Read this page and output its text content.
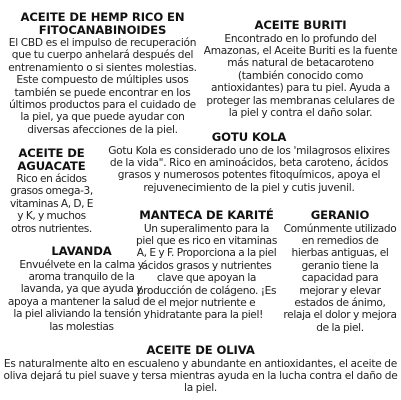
ACEITE DE HEMP RICO EN FITOCANABINOIDES
El CBD es el impulso de recuperación que tu cuerpo anhelará después del entrenamiento o si sientes molestias. Este compuesto de múltiples usos también se puede encontrar en los últimos productos para el cuidado de la piel, ya que puede ayudar con diversas afecciones de la piel.
ACEITE BURITI
Encontrado en lo profundo del Amazonas, el Aceite Buriti es la fuente más natural de betacaroteno (también conocido como antioxidantes) para tu piel. Ayuda a proteger las membranas celulares de la piel y contra el daño solar.
GOTU KOLA
Gotu Kola es considerado uno de los 'milagrosos elixires de la vida". Rico en aminoácidos, beta caroteno, ácidos grasos y numerosos potentes fitoquímicos, apoya el rejuvenecimiento de la piel y cutis juvenil.
ACEITE DE AGUACATE
Rico en ácidos grasos omega-3, vitaminas A, D, E y K, y muchos otros nutrientes.
MANTECA DE KARITÉ
Un superalimento para la piel que es rico en vitaminas A, E y F. Proporciona a la piel ácidos grasos y nutrientes clave que apoyan la producción de colágeno. ¡Es el mejor nutriente e hidratante para la piel!
GERANIO
Comúnmente utilizado en remedios de hierbas antiguas, el geranio tiene la capacidad para mejorar y elevar estados de ánimo, relaja el dolor y mejora de la piel.
LAVANDA
Envuélvete en la calma y aroma tranquilo de la lavanda, ya que ayuda y apoya a mantener la salud de la piel aliviando la tensión y las molestias
ACEITE DE OLIVA
Es naturalmente alto en escualeno y abundante en antioxidantes, el aceite de oliva dejará tu piel suave y tersa mientras ayuda en la lucha contra el daño de la piel.
